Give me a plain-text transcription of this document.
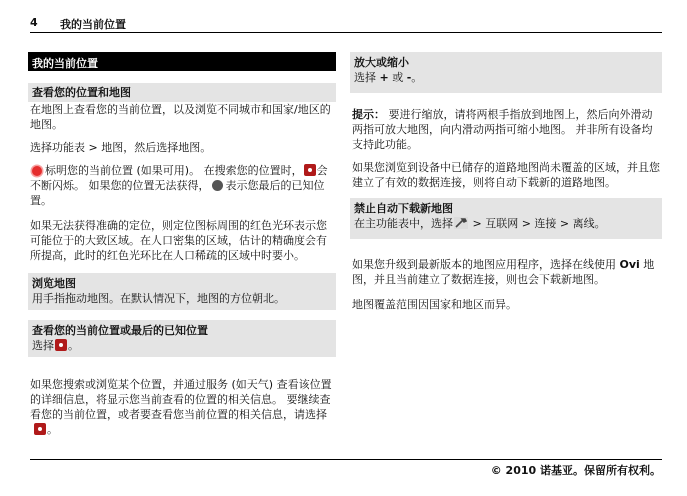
4 我的当前位置
我的当前位置
查看您的位置和地图
在地图上查看您的当前位置，以及浏览不同城市和国家/地区的地图。
选择功能表 > 地图，然后选择地图。
标明您的当前位置 (如果可用)。 在搜索您的位置时， 会不断闪烁。 如果您的位置无法获得， 表示您最后的已知位置。
如果无法获得准确的定位，则定位图标周围的红色光环表示您可能位于的大致区域。在人口密集的区域，估计的精确度会有所提高，此时的红色光环比在人口稀疏的区域中时要小。
浏览地图
用手指拖动地图。在默认情况下，地图的方位朝北。
查看您的当前位置或最后的已知位置
选择 。
如果您搜索或浏览某个位置，并通过服务 (如天气) 查看该位置的详细信息，将显示您当前查看的位置的相关信息。 要继续查看您的当前位置，或者要查看您当前位置的相关信息，请选择。
放大或缩小
选择 + 或 -。
提示： 要进行缩放，请将两根手指放到地图上，然后向外滑动两指可放大地图，向内滑动两指可缩小地图。 并非所有设备均支持此功能。
如果您浏览到设备中已储存的道路地图尚未覆盖的区域，并且您建立了有效的数据连接，则将自动下载新的道路地图。
禁止自动下载新地图
在主功能表中，选择 > 互联网 > 连接 > 离线。
如果您升级到最新版本的地图应用程序，选择在线使用 Ovi 地图，并且当前建立了数据连接，则也会下载新地图。
地图覆盖范围因国家和地区而异。
© 2010 诺基亚。保留所有权利。
